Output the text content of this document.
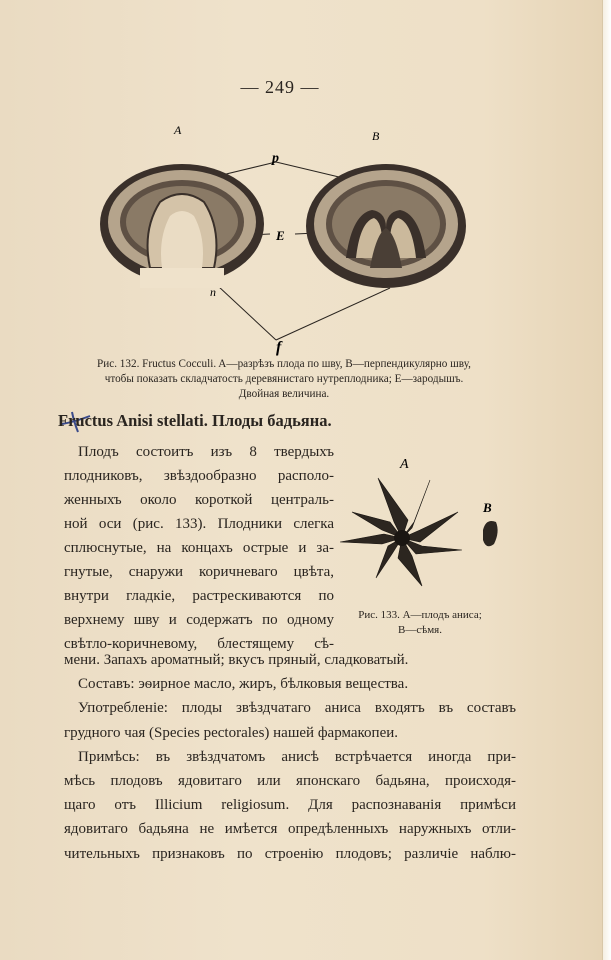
— 249 —
A	B
p
E
n
f
Рис. 132. Fructus Cocculi. A—разрѣзъ плода по шву, B—перпендикулярно шву,
чтобы показать складчатость деревянистаго нутреплодника; E—зародышъ.
Двойная величина.
Fructus Anisi stellati. Плоды бадьяна.
Плодъ состоитъ изъ 8 твердыхъ
плодниковъ, звѣздообразно располо-
женныхъ около короткой централь-
ной оси (рис. 133). Плодники слегка
сплюснутые, на концахъ острые и за-
гнутые, снаружи коричневаго цвѣта,
внутри гладкіе, растрескиваются по
верхнему шву и содержатъ по одному
свѣтло-коричневому, блестящему сѣ-
A
B
Рис. 133. A—плодъ аниса;
B—сѣмя.
мени. Запахъ ароматный; вкусъ пряный, сладковатый.
Составъ: эѳирное масло, жиръ, бѣлковыя вещества.
Употребленіе: плоды звѣздчатаго аниса входятъ въ составъ
грудного чая (Species pectorales) нашей фармакопеи.
Примѣсь: въ звѣздчатомъ анисѣ встрѣчается иногда при-
мѣсь плодовъ ядовитаго или японскаго бадьяна, происходя-
щаго отъ Illicium religiosum. Для распознаванія примѣси
ядовитаго бадьяна не имѣется опредѣленныхъ наружныхъ отли-
чительныхъ признаковъ по строенію плодовъ; различіе наблю-
